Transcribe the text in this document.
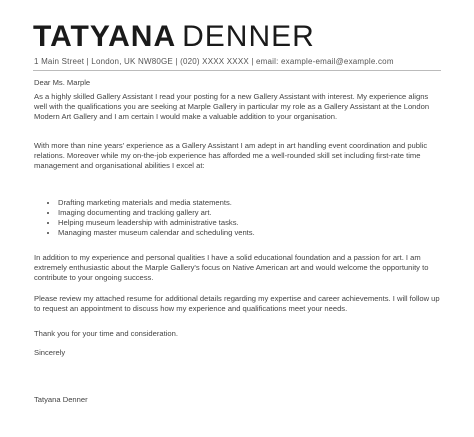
TATYANA DENNER
1 Main Street | London, UK NW80GE | (020) XXXX XXXX | email: example-email@example.com

Dear Ms. Marple

As a highly skilled Gallery Assistant I read your posting for a new Gallery Assistant with interest. My experience aligns well with the qualifications you are seeking at Marple Gallery in particular my role as a Gallery Assistant at the London Modern Art Gallery and I am certain I would make a valuable addition to your organisation.

With more than nine years' experience as a Gallery Assistant I am adept in art handling event coordination and public relations. Moreover while my on-the-job experience has afforded me a well-rounded skill set including first-rate time management and organisational abilities I excel at:

• Drafting marketing materials and media statements.
• Imaging documenting and tracking gallery art.
• Helping museum leadership with administrative tasks.
• Managing master museum calendar and scheduling vents.

In addition to my experience and personal qualities I have a solid educational foundation and a passion for art. I am extremely enthusiastic about the Marple Gallery's focus on Native American art and would welcome the opportunity to contribute to your ongoing success.

Please review my attached resume for additional details regarding my expertise and career achievements. I will follow up to request an appointment to discuss how my experience and qualifications meet your needs.

Thank you for your time and consideration.

Sincerely

Tatyana Denner
